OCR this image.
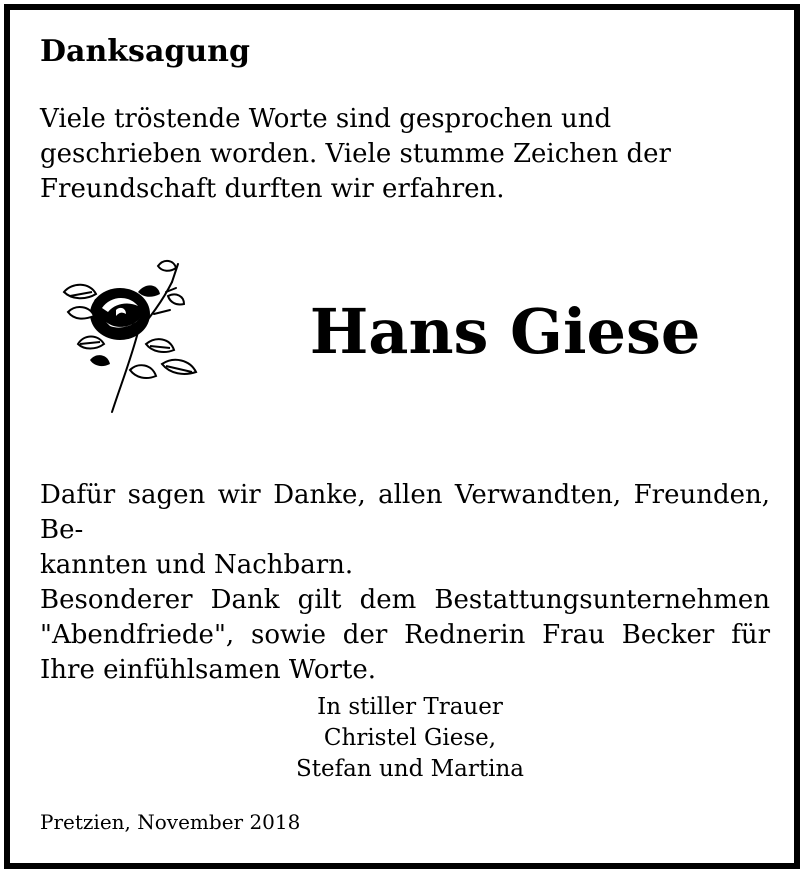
Danksagung

Viele tröstende Worte sind gesprochen und geschrieben worden. Viele stumme Zeichen der Freundschaft durften wir erfahren.

Hans Giese

Dafür sagen wir Danke, allen Verwandten, Freunden, Be-
kannten und Nachbarn.
Besonderer Dank gilt dem Bestattungsunternehmen "Abendfriede", sowie der Rednerin Frau Becker für Ihre einfühlsamen Worte.

In stiller Trauer
Christel Giese,
Stefan und Martina
Pretzien, November 2018
